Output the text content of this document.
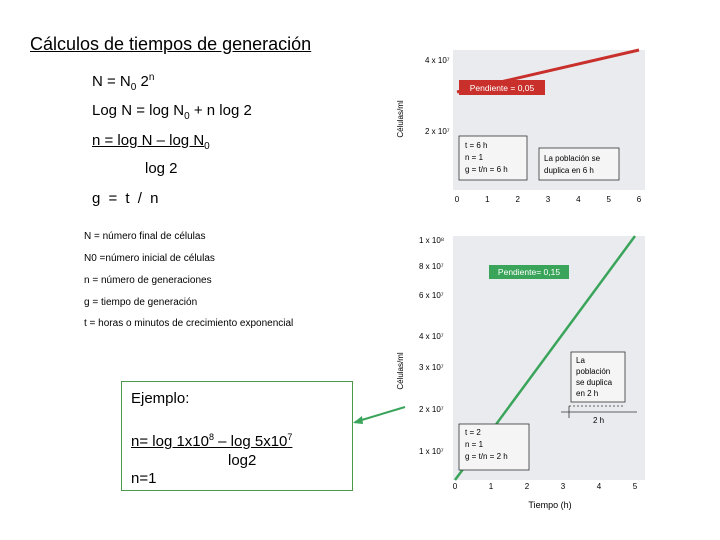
Cálculos de tiempos de generación
$N = N_0$ 2$^n$
Log $N = \log N_0 + n$ log 2
$n = \log N - \log N_0$
log 2
g = t / n
N = número final de células
N0 =número inicial de células
n = número de generaciones
g = tiempo de generación
t = horas o minutos de crecimiento exponencial
Ejemplo:
$n= \log 1x10^8 - \log 5x10^7$
log2
n=1
Células/ml
4 x 10⁷
2 x 10⁷
0	1	2	3	4	5	6
Pendiente = 0,05
t = 6 h
n = 1
g = t/n = 6 h
La población se
duplica en 6 h
Células/ml
1 x 10⁸
8 x 10⁷
6 x 10⁷
4 x 10⁷
3 x 10⁷
2 x 10⁷
1 x 10⁷
0	1	2	3	4	5
Tiempo (h)
Pendiente= 0,15
La
población
se duplica
en 2 h
2 h
t = 2
n = 1
g = t/n = 2 h
